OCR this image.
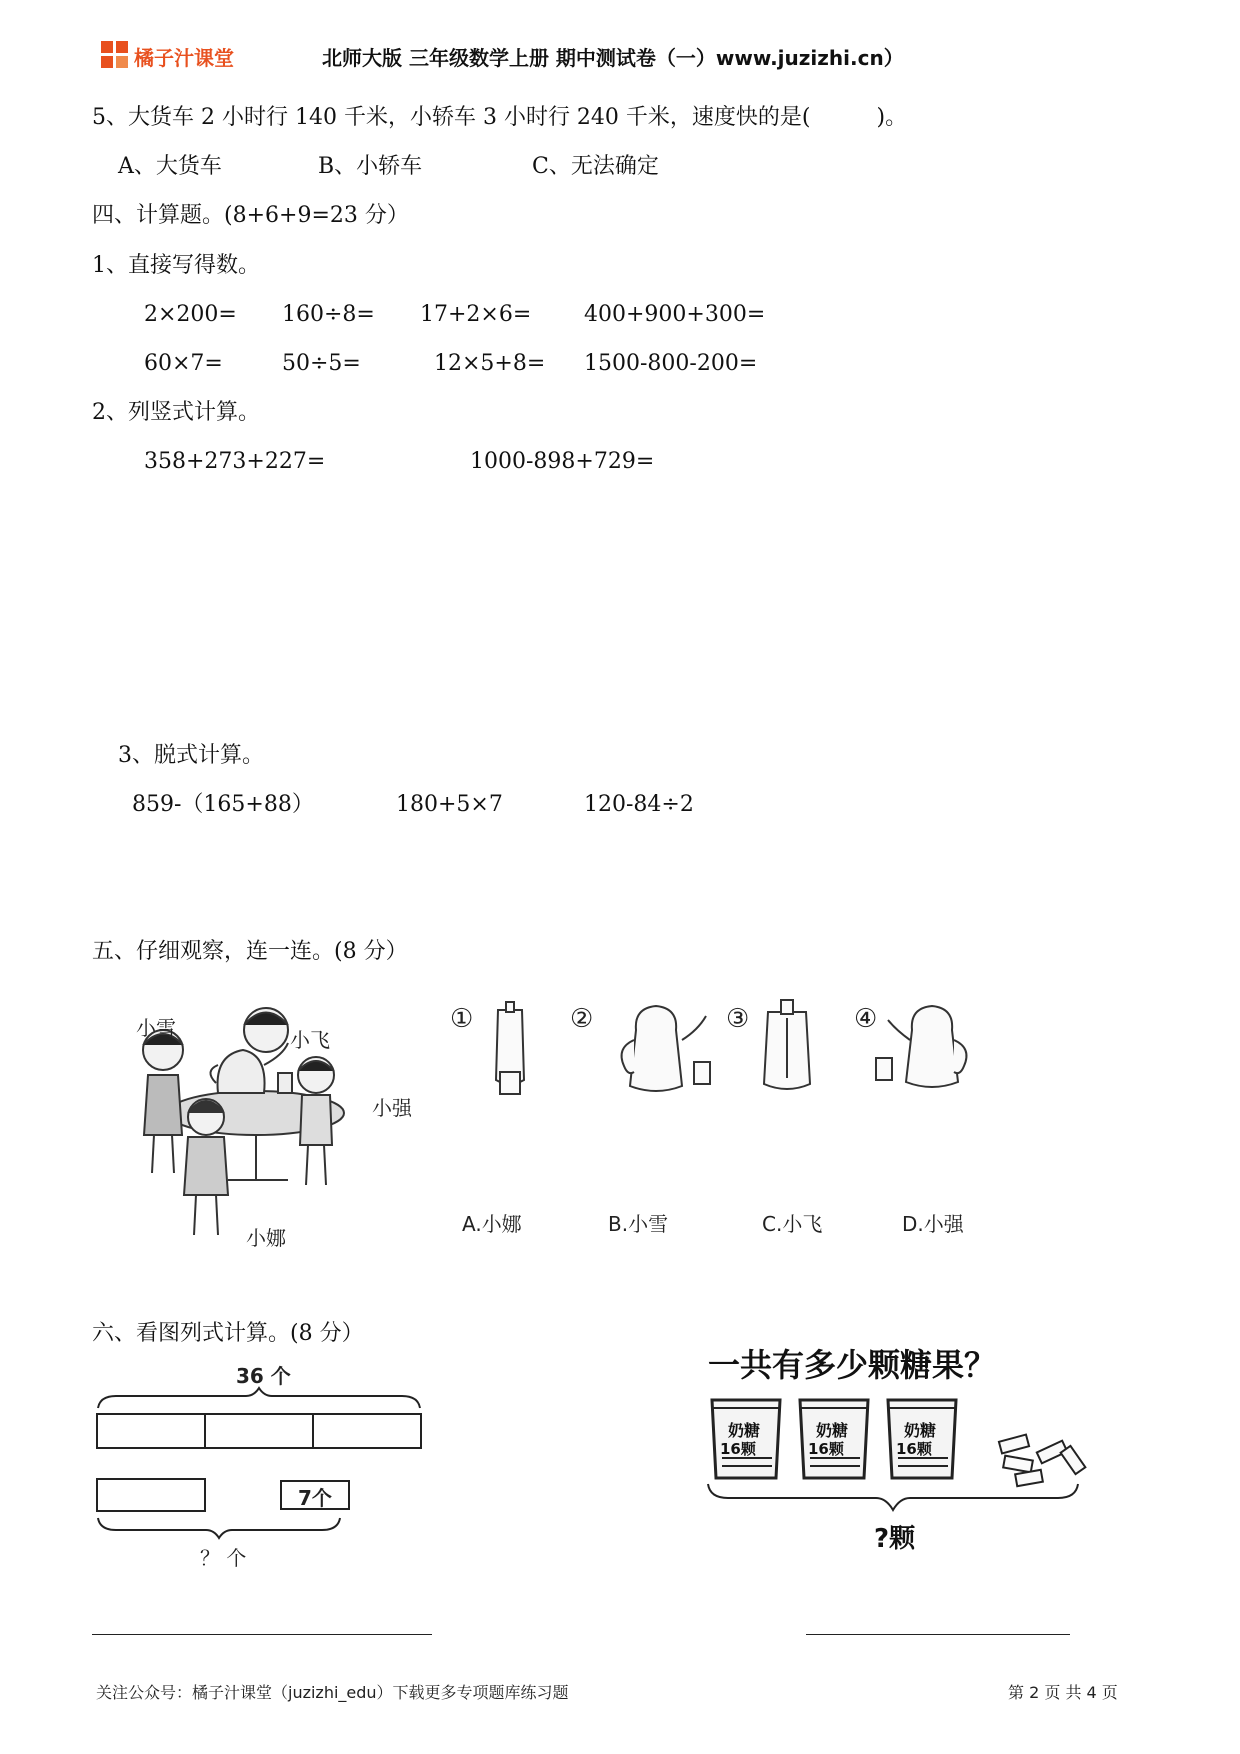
橘子汁课堂	北师大版 三年级数学上册 期中测试卷（一）www.juzizhi.cn）
5、大货车 2 小时行 140 千米，小轿车 3 小时行 240 千米，速度快的是(　　　)。
A、大货车	B、小轿车	C、无法确定
四、计算题。(8+6+9=23 分）
1、直接写得数。
2×200= 160÷8= 17+2×6= 400+900+300=
60×7=	50÷5=	12×5+8= 1500-800-200=
2、列竖式计算。
358+273+227=	1000-898+729=
3、脱式计算。
859-（165+88）	180+5×7	120-84÷2
五、仔细观察，连一连。(8 分）
小雪	小飞
小强
小娜
①	②	③	④
A.小娜	B.小雪	C.小飞	D.小强
六、看图列式计算。(8 分）
36 个
7个
？ 个
一共有多少颗糖果？
奶糖
16颗
奶糖
16颗
奶糖
16颗
?颗
关注公众号：橘子汁课堂（juzizhi_edu）下载更多专项题库练习题	第 2 页 共 4 页
